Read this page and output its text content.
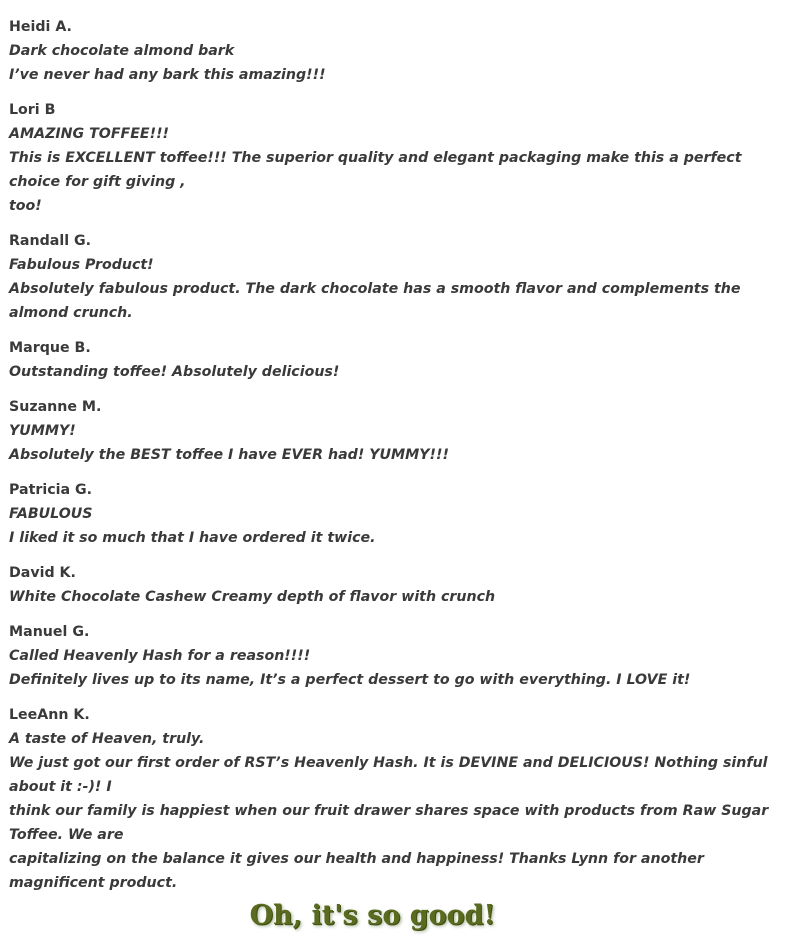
Heidi A.
Dark chocolate almond bark
I’ve never had any bark this amazing!!!
Lori B
AMAZING TOFFEE!!!
This is EXCELLENT toffee!!! The superior quality and elegant packaging make this a perfect choice for gift giving ,
too!
Randall G.
Fabulous Product!
Absolutely fabulous product. The dark chocolate has a smooth flavor and complements the almond crunch.
Marque B.
Outstanding toffee! Absolutely delicious!
Suzanne M.
YUMMY!
Absolutely the BEST toffee I have EVER had! YUMMY!!!
Patricia G.
FABULOUS
I liked it so much that I have ordered it twice.
David K.
White Chocolate Cashew Creamy depth of flavor with crunch
Manuel G.
Called Heavenly Hash for a reason!!!!
Definitely lives up to its name, It’s a perfect dessert to go with everything. I LOVE it!
LeeAnn K.
A taste of Heaven, truly.
We just got our first order of RST’s Heavenly Hash. It is DEVINE and DELICIOUS! Nothing sinful about it :-)! I
think our family is happiest when our fruit drawer shares space with products from Raw Sugar Toffee. We are
capitalizing on the balance it gives our health and happiness! Thanks Lynn for another magnificent product.
Oh, it's so good!
